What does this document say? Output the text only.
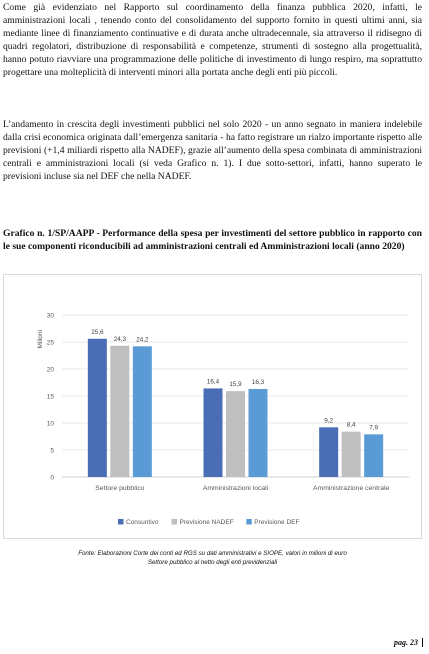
Come già evidenziato nel Rapporto sul coordinamento della finanza pubblica 2020, infatti, le amministrazioni locali , tenendo conto del consolidamento del supporto fornito in questi ultimi anni, sia mediante linee di finanziamento continuative e di durata anche ultradecennale, sia attraverso il ridisegno di quadri regolatori, distribuzione di responsabilità e competenze, strumenti di sostegno alla progettualità, hanno potuto riavviare una programmazione delle politiche di investimento di lungo respiro, ma soprattutto progettare una molteplicità di interventi minori alla portata anche degli enti più piccoli.

L’andamento in crescita degli investimenti pubblici nel solo 2020 - un anno segnato in maniera indelebile dalla crisi economica originata dall’emergenza sanitaria - ha fatto registrare un rialzo importante rispetto alle previsioni (+1,4 miliardi rispetto alla NADEF), grazie all’aumento della spesa combinata di amministrazioni centrali e amministrazioni locali (si veda Grafico n. 1). I due sotto-settori, infatti, hanno superato le previsioni incluse sia nel DEF che nella NADEF.

Grafico n. 1/SP/AAPP - Performance della spesa per investimenti del settore pubblico in rapporto con le sue componenti riconducibili ad amministrazioni centrali ed Amministrazioni locali (anno 2020)

0
5
10
15
20
25
30
Milioni	25,6
24,3 24,2
Settore pubblico
16,4 15,9 16,3
Amministrazioni locali
9,2
8,4 7,9
Amministrazione centrale
Consuntivo	Previsione NADEF	Previsione DEF
Fonte: Elaborazioni Corte dei conti ed RGS su dati amministrativi e SIOPE, valori in milioni di euro
Settore pubblico al netto degli enti previdenziali
pag. 23
